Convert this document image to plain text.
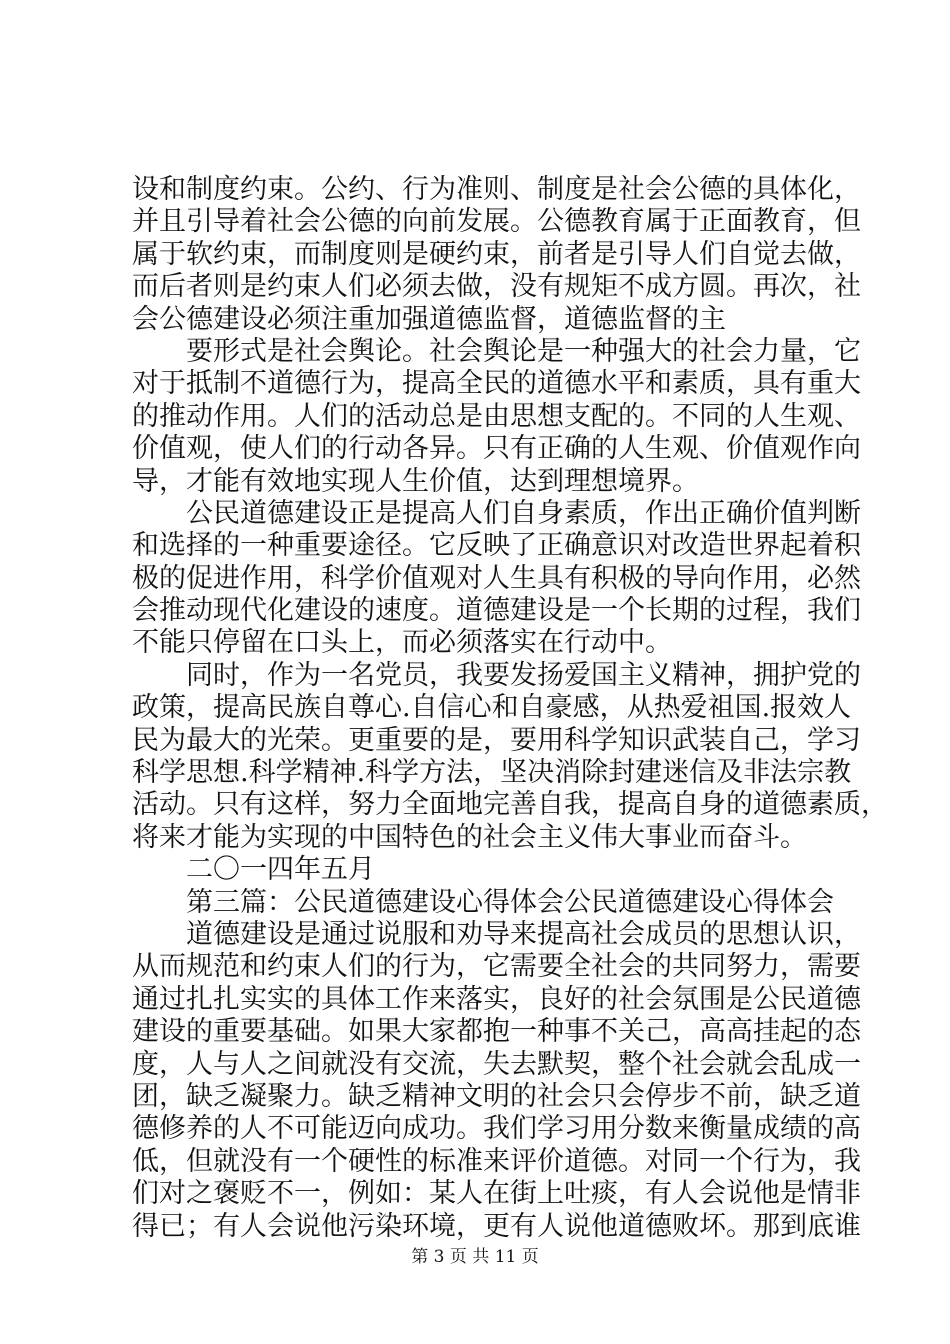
设和制度约束。公约、行为准则、制度是社会公德的具体化，
并且引导着社会公德的向前发展。公德教育属于正面教育，但
属于软约束，而制度则是硬约束，前者是引导人们自觉去做，
而后者则是约束人们必须去做，没有规矩不成方圆。再次，社
会公德建设必须注重加强道德监督，道德监督的主
要形式是社会舆论。社会舆论是一种强大的社会力量，它
对于抵制不道德行为，提高全民的道德水平和素质，具有重大
的推动作用。人们的活动总是由思想支配的。不同的人生观、
价值观，使人们的行动各异。只有正确的人生观、价值观作向
导，才能有效地实现人生价值，达到理想境界。
公民道德建设正是提高人们自身素质，作出正确价值判断
和选择的一种重要途径。它反映了正确意识对改造世界起着积
极的促进作用，科学价值观对人生具有积极的导向作用，必然
会推动现代化建设的速度。道德建设是一个长期的过程，我们
不能只停留在口头上，而必须落实在行动中。
同时，作为一名党员，我要发扬爱国主义精神，拥护党的
政策，提高民族自尊心.自信心和自豪感，从热爱祖国.报效人
民为最大的光荣。更重要的是，要用科学知识武装自己，学习
科学思想.科学精神.科学方法，坚决消除封建迷信及非法宗教
活动。只有这样，努力全面地完善自我，提高自身的道德素质，
将来才能为实现的中国特色的社会主义伟大事业而奋斗。
二〇一四年五月
第三篇：公民道德建设心得体会公民道德建设心得体会
道德建设是通过说服和劝导来提高社会成员的思想认识，
从而规范和约束人们的行为，它需要全社会的共同努力，需要
通过扎扎实实的具体工作来落实，良好的社会氛围是公民道德
建设的重要基础。如果大家都抱一种事不关己，高高挂起的态
度，人与人之间就没有交流，失去默契，整个社会就会乱成一
团，缺乏凝聚力。缺乏精神文明的社会只会停步不前，缺乏道
德修养的人不可能迈向成功。我们学习用分数来衡量成绩的高
低，但就没有一个硬性的标准来评价道德。对同一个行为，我
们对之褒贬不一，例如：某人在街上吐痰，有人会说他是情非
得已；有人会说他污染环境，更有人说他道德败坏。那到底谁
第 3 页 共 11 页
